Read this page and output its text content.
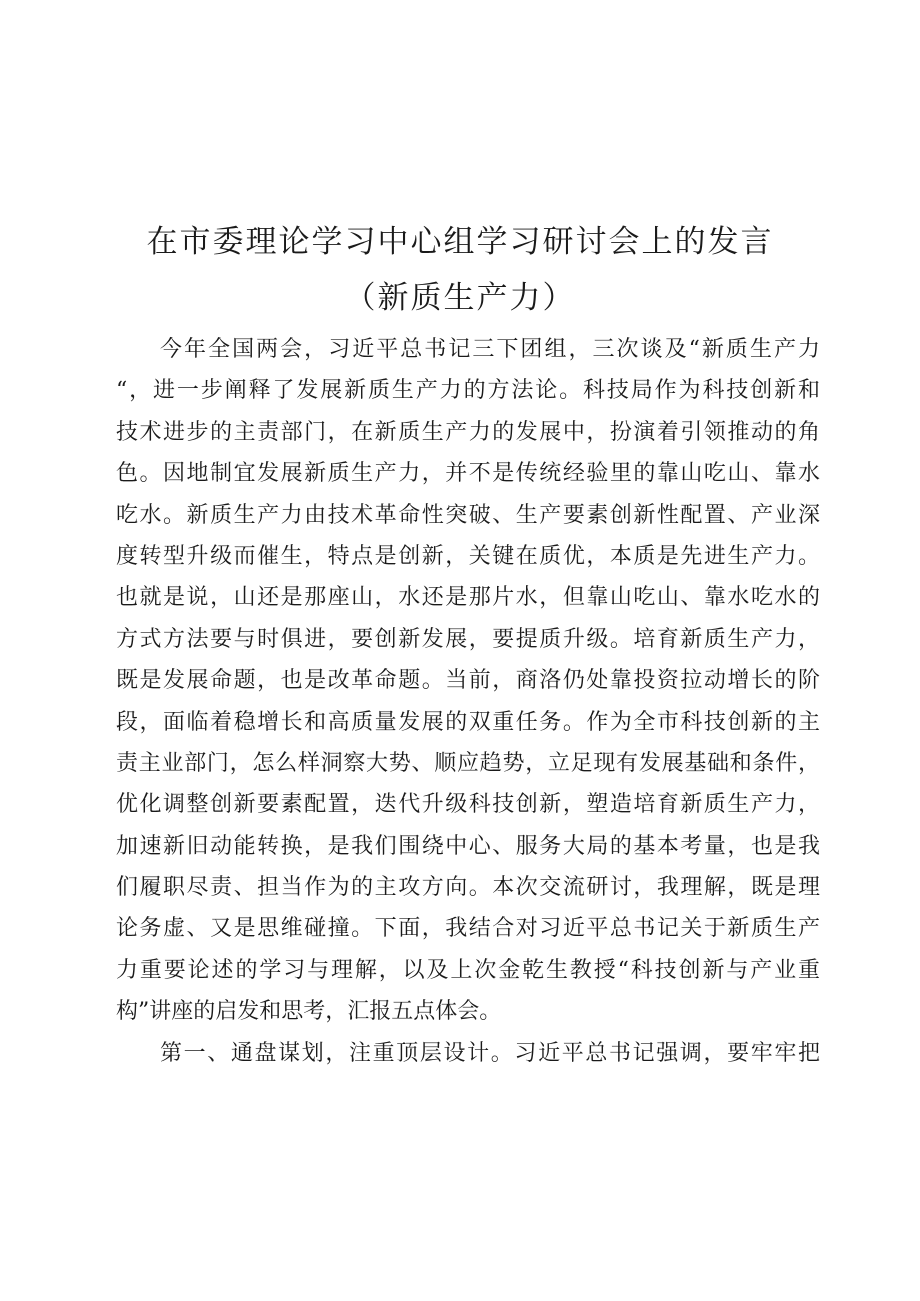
在市委理论学习中心组学习研讨会上的发言
（新质生产力）
今年全国两会，习近平总书记三下团组，三次谈及“新质生产力
“，进一步阐释了发展新质生产力的方法论。科技局作为科技创新和
技术进步的主责部门，在新质生产力的发展中，扮演着引领推动的角
色。因地制宜发展新质生产力，并不是传统经验里的靠山吃山、靠水
吃水。新质生产力由技术革命性突破、生产要素创新性配置、产业深
度转型升级而催生，特点是创新，关键在质优，本质是先进生产力。
也就是说，山还是那座山，水还是那片水，但靠山吃山、靠水吃水的
方式方法要与时俱进，要创新发展，要提质升级。培育新质生产力，
既是发展命题，也是改革命题。当前，商洛仍处靠投资拉动增长的阶
段，面临着稳增长和高质量发展的双重任务。作为全市科技创新的主
责主业部门，怎么样洞察大势、顺应趋势，立足现有发展基础和条件，
优化调整创新要素配置，迭代升级科技创新，塑造培育新质生产力，
加速新旧动能转换，是我们围绕中心、服务大局的基本考量，也是我
们履职尽责、担当作为的主攻方向。本次交流研讨，我理解，既是理
论务虚、又是思维碰撞。下面，我结合对习近平总书记关于新质生产
力重要论述的学习与理解，以及上次金乾生教授“科技创新与产业重
构”讲座的启发和思考，汇报五点体会。
第一、通盘谋划，注重顶层设计。习近平总书记强调，要牢牢把
